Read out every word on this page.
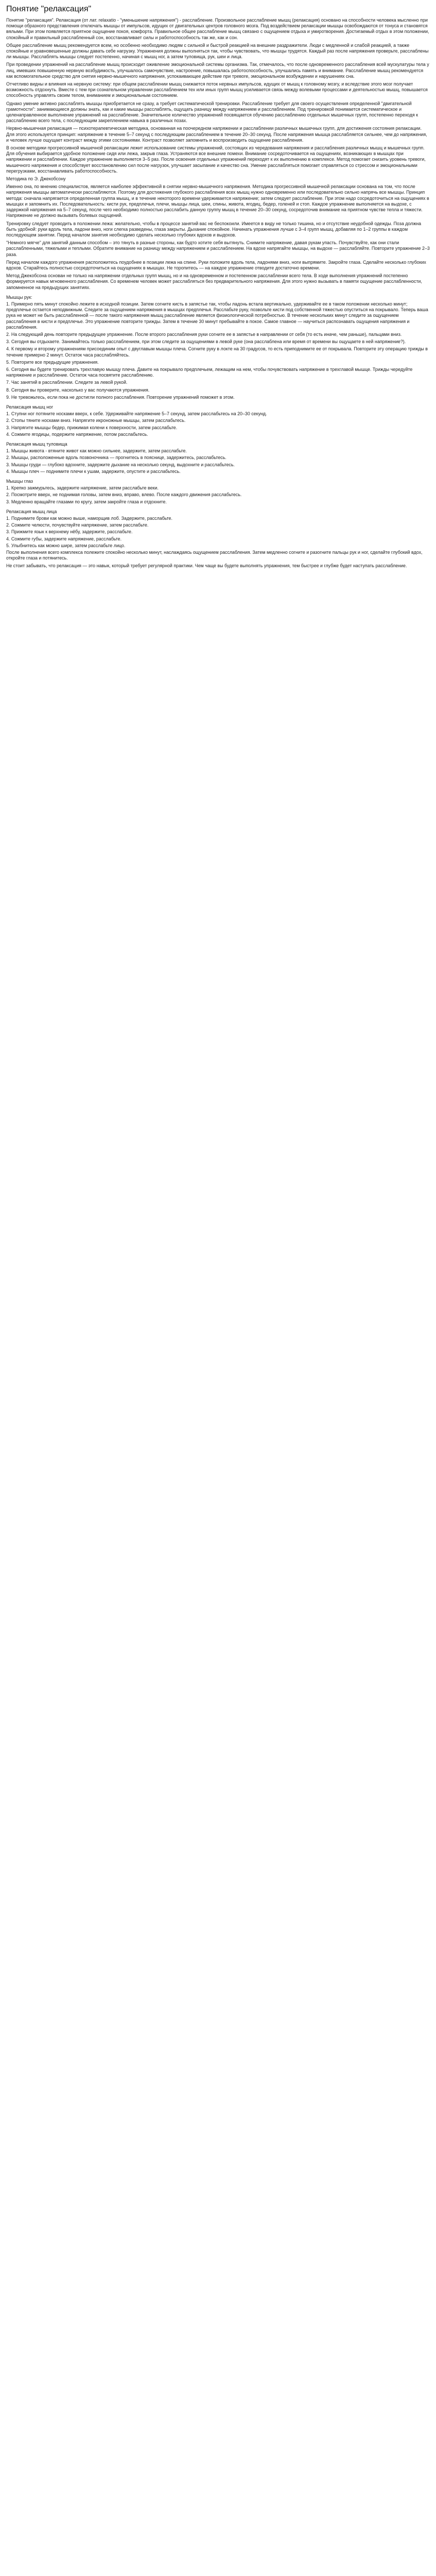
Понятие "релаксация"

Понятие "релаксация". Релаксация (от лат. relaxatio - "уменьшение напряжения") - расслабление. Произвольное расслабление мышц (релаксация) основано на способности человека мысленно при помощи образного представления отключать мышцы от импульсов, идущих от двигательных центров головного мозга. Под воздействием релаксации мышцы освобождаются от тонуса и становятся вялыми. При этом появляется приятное ощущение покоя, комфорта. Правильное общее расслабление мышц связано с ощущением отдыха и умиротворения. Достигаемый отдых в этом положении, спокойный и правильный расслабленный сон, восстанавливает силы и работоспособность так же, как и сон.

Общее расслабление мышц рекомендуется всем, но особенно необходимо людям с сильной и быстрой реакцией на внешние раздражители. Люди с медленной и слабой реакцией, а также спокойные и уравновешенные должны давать себе нагрузку. Упражнения должны выполняться так, чтобы чувствовать, что мышцы трудятся. Каждый раз после напряжения проверьте, расслаблены ли мышцы. Расслаблять мышцы следует постепенно, начиная с мышц ног, а затем туловища, рук, шеи и лица.

При проведении упражнений на расслабление мышц происходит оживление эмоциональной системы организма. Так, отмечалось, что после одновременного расслабления всей мускулатуры тела у лиц, имевших повышенную нервную возбудимость, улучшалось самочувствие, настроение, повышалась работоспособность, улучшались память и внимание. Расслабление мышц рекомендуется как вспомогательное средство для снятия нервно-мышечного напряжения, успокаивающее действие при тревоге, эмоциональном возбуждении и нарушениях сна.

Отчетливо видны и влияния на нервную систему: при общем расслаблении мышц снижается поток нервных импульсов, идущих от мышц к головному мозгу, и вследствие этого мозг получает возможность отдохнуть. Вместе с тем при сознательном управлении расслаблением тех или иных групп мышц усиливается связь между волевыми процессами и деятельностью мышц, повышается способность управлять своим телом, вниманием и эмоциональным состоянием.

Однако умение активно расслаблять мышцы приобретается не сразу, а требует систематической тренировки. Расслабление требует для своего осуществления определенной "двигательной грамотности": занимающиеся должны знать, как и какие мышцы расслаблять, ощущать разницу между напряжением и расслаблением. Под тренировкой понимается систематическое и целенаправленное выполнение упражнений на расслабление. Значительное количество упражнений посвящается обучению расслаблению отдельных мышечных групп, постепенно переходя к расслаблению всего тела, с последующим закреплением навыка в различных позах.

Нервно-мышечная релаксация — психотерапевтическая методика, основанная на поочередном напряжении и расслаблении различных мышечных групп, для достижения состояния релаксации. Для этого используется принцип: напряжение в течение 5–7 секунд с последующим расслаблением в течение 20–30 секунд. После напряжения мышца расслабляется сильнее, чем до напряжения, и человек лучше ощущает контраст между этими состояниями. Контраст позволяет запомнить и воспроизводить ощущение расслабления.

В основе методики прогрессивной мышечной релаксации лежит использование системы упражнений, состоящих из чередования напряжения и расслабления различных мышц и мышечных групп. Для обучения выбирается удобное положение сидя или лежа, закрыв глаза. Устраняются все внешние помехи. Внимание сосредоточивается на ощущениях, возникающих в мышцах при напряжении и расслаблении. Каждое упражнение выполняется 3–5 раз. После освоения отдельных упражнений переходят к их выполнению в комплексе. Метод помогает снизить уровень тревоги, мышечного напряжения и способствует восстановлению сил после нагрузок, улучшает засыпание и качество сна. Умение расслабляться помогает справляться со стрессом и эмоциональными перегрузками, восстанавливать работоспособность.

Методика по Э. Джекобсону

Именно она, по мнению специалистов, является наиболее эффективной в снятии нервно-мышечного напряжения. Методика прогрессивной мышечной релаксации основана на том, что после напряжения мышцы автоматически расслабляются. Поэтому для достижения глубокого расслабления всех мышц нужно одновременно или последовательно сильно напрячь все мышцы. Принцип метода: сначала напрягается определенная группа мышц, и в течение некоторого времени удерживается напряжение; затем следует расслабление. При этом надо сосредоточиться на ощущениях в мышцах и запомнить их. Последовательность: кисти рук, предплечья, плечи, мышцы лица, шеи, спины, живота, ягодиц, бедер, голеней и стоп. Каждое упражнение выполняется на выдохе, с задержкой напряжения на 5–7 секунд, после чего необходимо полностью расслабить данную группу мышц в течение 20–30 секунд, сосредоточив внимание на приятном чувстве тепла и тяжести. Напряжение не должно вызывать болевых ощущений.

Тренировку следует проводить в положении лежа: желательно, чтобы в процессе занятий вас не беспокоили. Имеется в виду не только тишина, но и отсутствие неудобной одежды. Поза должна быть удобной: руки вдоль тела, ладони вниз, ноги слегка разведены, глаза закрыты. Дыхание спокойное. Начинать упражнения лучше с 3–4 групп мышц, добавляя по 1–2 группы в каждом последующем занятии. Перед началом занятия необходимо сделать несколько глубоких вдохов и выдохов.

"Немного мягче" для занятий данным способом – это тянуть в разные стороны, как будто хотите себя вытянуть. Снимите напряжение, давая рукам упасть. Почувствуйте, как они стали расслабленными, тяжелыми и теплыми. Обратите внимание на разницу между напряжением и расслаблением. На вдохе напрягайте мышцы, на выдохе — расслабляйте. Повторите упражнение 2–3 раза.

Перед началом каждого упражнения расположитесь поудобнее в позиции лежа на спине. Руки положите вдоль тела, ладонями вниз, ноги выпрямите. Закройте глаза. Сделайте несколько глубоких вдохов. Старайтесь полностью сосредоточиться на ощущениях в мышцах. Не торопитесь — на каждое упражнение отводите достаточно времени.

Метод Джекобсона основан не только на напряжении отдельных групп мышц, но и на одновременном и постепенном расслаблении всего тела. В ходе выполнения упражнений постепенно формируется навык мгновенного расслабления. Со временем человек может расслабляться без предварительного напряжения. Для этого нужно вызывать в памяти ощущение расслабленности, запомненное на предыдущих занятиях.

Мышцы рук:

1. Примерно пять минут спокойно лежите в исходной позиции. Затем согните кисть в запястье так, чтобы ладонь встала вертикально, удерживайте ее в таком положении несколько минут; предплечье остается неподвижным. Следите за ощущением напряжения в мышцах предплечья. Расслабьте руку, позвольте кисти под собственной тяжестью опуститься на покрывало. Теперь ваша рука не может не быть расслабленной — после такого напряжения мышц расслабление является физиологической потребностью. В течение нескольких минут следите за ощущением расслабления в кисти и предплечье. Это упражнение повторите трижды. Затем в течение 30 минут пребывайте в покое. Самое главное — научиться распознавать ощущения напряжения и расслабления.

2. На следующий день повторите предыдущее упражнение. После второго расслабления руки согните ее в запястье в направлении от себя (то есть иначе, чем раньше), пальцами вниз.

3. Сегодня вы отдыхаете. Занимайтесь только расслаблением, при этом следите за ощущениями в левой руке (она расслаблена или время от времени вы ощущаете в ней напряжение?).

4. К первому и второму упражнениям присоединим опыт с двуглавым мышцы плеча. Согните руку в локте на 30 градусов, то есть приподнимите ее от покрывала. Повторите эту операцию трижды в течение примерно 2 минут. Остаток часа расслабляйтесь.

5. Повторите все предыдущие упражнения.

6. Сегодня вы будете тренировать трехглавую мышцу плеча. Давите на покрывало предплечьем, лежащим на нем, чтобы почувствовать напряжение в трехглавой мышце. Трижды чередуйте напряжение и расслабление. Остаток часа посвятите расслаблению.

7. Час занятий в расслаблении. Следите за левой рукой.

8. Сегодня вы проверите, насколько у вас получаются упражнения.

9. Не тревожьтесь, если пока не достигли полного расслабления. Повторение упражнений поможет в этом.

Релаксация мышц ног

1. Ступни ног потяните носками вверх, к себе. Удерживайте напряжение 5–7 секунд, затем расслабьтесь на 20–30 секунд.

2. Стопы тяните носками вниз. Напрягите икроножные мышцы, затем расслабьтесь.

3. Напрягите мышцы бедер, прижимая колени к поверхности, затем расслабьте.

4. Сожмите ягодицы, подержите напряжение, потом расслабьтесь.

Релаксация мышц туловища

1. Мышцы живота - втяните живот как можно сильнее, задержите, затем расслабьте.

2. Мышцы, расположенные вдоль позвоночника — прогнитесь в пояснице, задержитесь, расслабьтесь.

3. Мышцы груди — глубоко вдохните, задержите дыхание на несколько секунд, выдохните и расслабьтесь.

4. Мышцы плеч — поднимите плечи к ушам, задержите, опустите и расслабьтесь.

Мышцы глаз

1. Крепко зажмурьтесь, задержите напряжение, затем расслабьте веки.

2. Посмотрите вверх, не поднимая головы, затем вниз, вправо, влево. После каждого движения расслабьтесь.

3. Медленно вращайте глазами по кругу, затем закройте глаза и отдохните.

Релаксация мышц лица

1. Поднимите брови как можно выше, наморщив лоб. Задержите, расслабьте.

2. Сожмите челюсти, почувствуйте напряжение, затем расслабьте.

3. Прижмите язык к верхнему нёбу, задержите, расслабьте.

4. Сожмите губы, задержите напряжение, расслабьте.

5. Улыбнитесь как можно шире, затем расслабьте лицо.

После выполнения всего комплекса полежите спокойно несколько минут, наслаждаясь ощущением расслабления. Затем медленно согните и разогните пальцы рук и ног, сделайте глубокий вдох, откройте глаза и потянитесь.

Не стоит забывать, что релаксация — это навык, который требует регулярной практики. Чем чаще вы будете выполнять упражнения, тем быстрее и глубже будет наступать расслабление.
